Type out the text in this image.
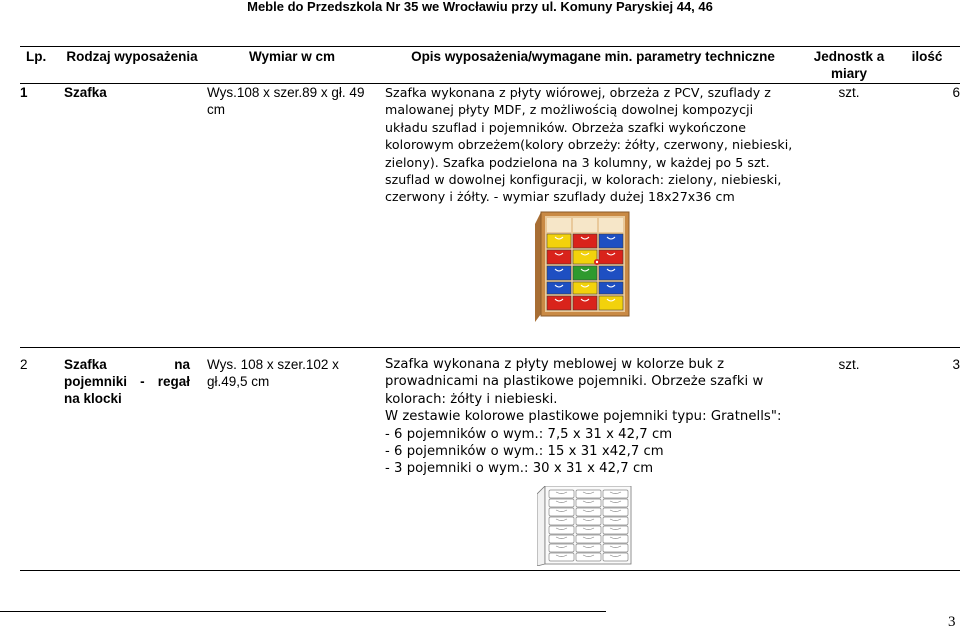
Meble do Przedszkola Nr 35 we Wrocławiu przy ul. Komuny Paryskiej 44, 46
Lp.	Rodzaj wyposażenia	Wymiar w cm	Opis wyposażenia/wymagane min. parametry techniczne	Jednostk a miary	ilość
1	Szafka	Wys.108 x szer.89 x gł. 49 cm	Szafka wykonana z płyty wiórowej, obrzeża z PCV, szuflady z malowanej płyty MDF, z możliwością dowolnej kompozycji układu szuflad i pojemników. Obrzeża szafki wykończone kolorowym obrzeżem(kolory obrzeży: żółty, czerwony, niebieski, zielony). Szafka podzielona na 3 kolumny, w każdej po 5 szt. szuflad w dowolnej konfiguracji, w kolorach: zielony, niebieski, czerwony i żółty. - wymiar szuflady dużej 18x27x36 cm	szt.	6
2	Szafka na pojemniki - regał na klocki	Wys. 108 x szer.102 x gł.49,5 cm	Szafka wykonana z płyty meblowej w kolorze buk z prowadnicami na plastikowe pojemniki. Obrzeże szafki w kolorach: żółty i niebieski.

W zestawie kolorowe plastikowe pojemniki typu: Gratnells":

- 6 pojemników o wym.: 7,5 x 31 x 42,7 cm

- 6 pojemników o wym.: 15 x 31 x42,7 cm

- 3 pojemniki o wym.: 30 x 31 x 42,7 cm	szt.	3
3
